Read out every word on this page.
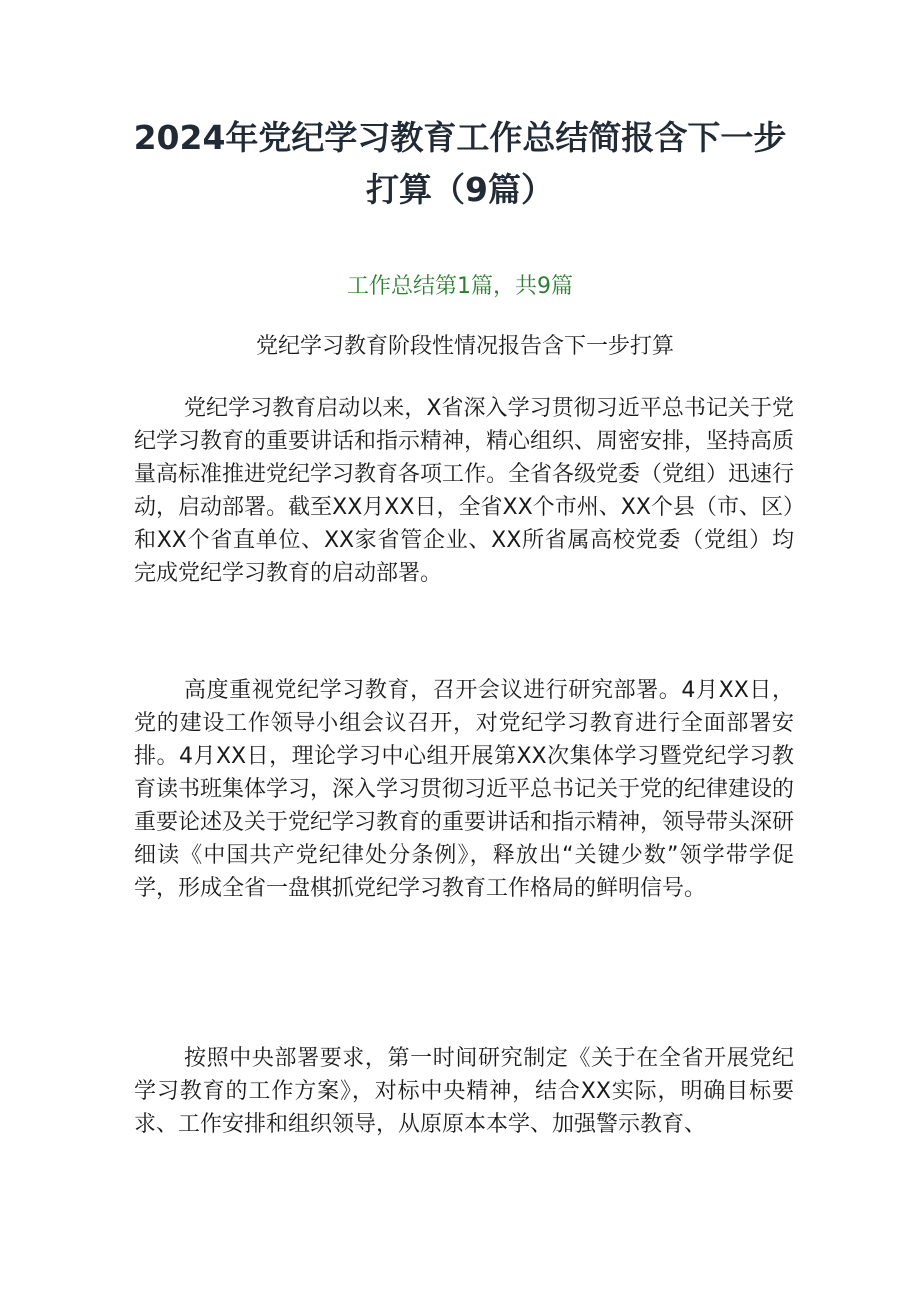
2024年党纪学习教育工作总结简报含下一步打算（9篇）
工作总结第1篇，共9篇
党纪学习教育阶段性情况报告含下一步打算

党纪学习教育启动以来，X省深入学习贯彻习近平总书记关于党纪学习教育的重要讲话和指示精神，精心组织、周密安排，坚持高质量高标准推进党纪学习教育各项工作。全省各级党委（党组）迅速行动，启动部署。截至XX月XX日，全省XX个市州、XX个县（市、区）和XX个省直单位、XX家省管企业、XX所省属高校党委（党组）均完成党纪学习教育的启动部署。

高度重视党纪学习教育，召开会议进行研究部署。4月XX日，党的建设工作领导小组会议召开，对党纪学习教育进行全面部署安排。4月XX日，理论学习中心组开展第XX次集体学习暨党纪学习教育读书班集体学习，深入学习贯彻习近平总书记关于党的纪律建设的重要论述及关于党纪学习教育的重要讲话和指示精神，领导带头深研细读《中国共产党纪律处分条例》，释放出“关键少数”领学带学促学，形成全省一盘棋抓党纪学习教育工作格局的鲜明信号。

按照中央部署要求，第一时间研究制定《关于在全省开展党纪学习教育的工作方案》，对标中央精神，结合XX实际，明确目标要求、工作安排和组织领导，从原原本本学、加强警示教育、
